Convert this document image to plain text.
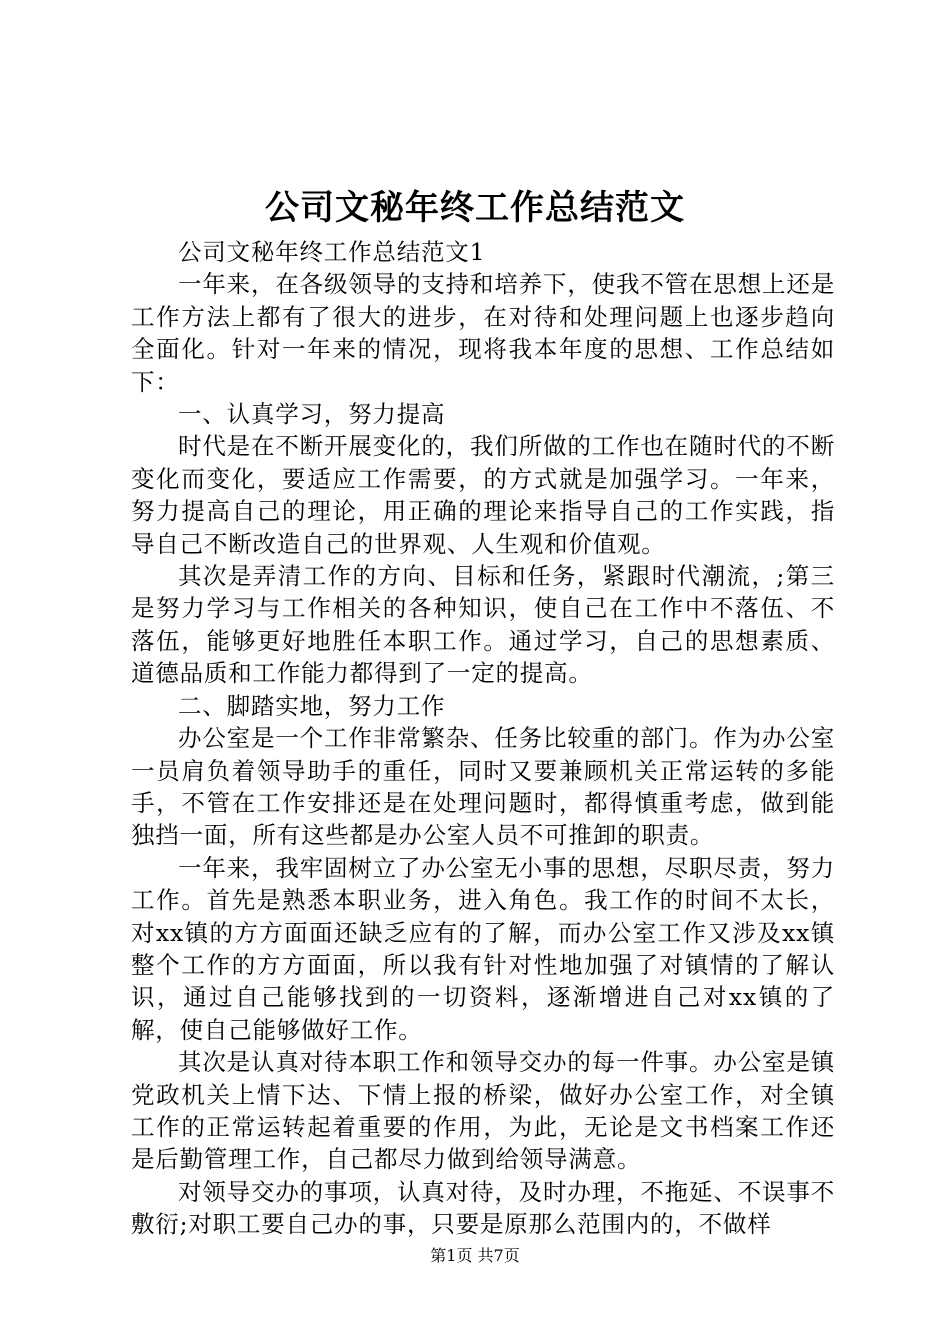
公司文秘年终工作总结范文

公司文秘年终工作总结范文1

一年来，在各级领导的支持和培养下，使我不管在思想上还是工作方法上都有了很大的进步，在对待和处理问题上也逐步趋向全面化。针对一年来的情况，现将我本年度的思想、工作总结如下：

一、认真学习，努力提高

时代是在不断开展变化的，我们所做的工作也在随时代的不断变化而变化，要适应工作需要，的方式就是加强学习。一年来，努力提高自己的理论，用正确的理论来指导自己的工作实践，指导自己不断改造自己的世界观、人生观和价值观。

其次是弄清工作的方向、目标和任务，紧跟时代潮流，;第三是努力学习与工作相关的各种知识，使自己在工作中不落伍、不落伍，能够更好地胜任本职工作。通过学习，自己的思想素质、道德品质和工作能力都得到了一定的提高。

二、脚踏实地，努力工作

办公室是一个工作非常繁杂、任务比较重的部门。作为办公室一员肩负着领导助手的重任，同时又要兼顾机关正常运转的多能手，不管在工作安排还是在处理问题时，都得慎重考虑，做到能独挡一面，所有这些都是办公室人员不可推卸的职责。

一年来，我牢固树立了办公室无小事的思想，尽职尽责，努力工作。首先是熟悉本职业务，进入角色。我工作的时间不太长，对xx镇的方方面面还缺乏应有的了解，而办公室工作又涉及xx镇整个工作的方方面面，所以我有针对性地加强了对镇情的了解认识，通过自己能够找到的一切资料，逐渐增进自己对xx镇的了解，使自己能够做好工作。

其次是认真对待本职工作和领导交办的每一件事。办公室是镇党政机关上情下达、下情上报的桥梁，做好办公室工作，对全镇工作的正常运转起着重要的作用，为此，无论是文书档案工作还是后勤管理工作，自己都尽力做到给领导满意。

对领导交办的事项，认真对待，及时办理，不拖延、不误事不敷衍;对职工要自己办的事，只要是原那么范围内的，不做样

第1页 共7页
